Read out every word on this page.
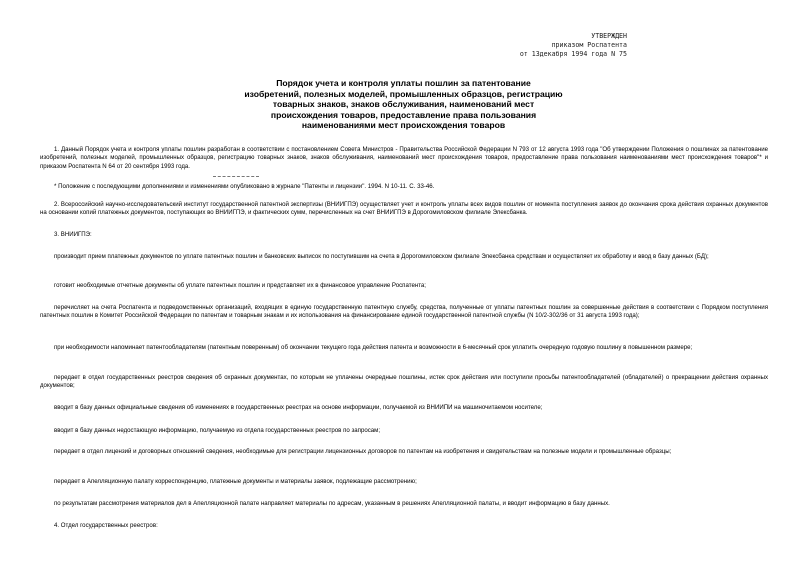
УТВЕРЖДЕН
приказом Роспатента
от 13декабря 1994 года N 75
Порядок учета и контроля уплаты пошлин за патентование
изобретений, полезных моделей, промышленных образцов, регистрацию
товарных знаков, знаков обслуживания, наименований мест
происхождения товаров, предоставление права пользования
наименованиями мест происхождения товаров
1. Данный Порядок учета и контроля уплаты пошлин разработан в соответствии с постановлением Совета Министров - Правительства Российской Федерации N 793 от 12 августа 1993 года "Об утверждении Положения о пошлинах за патентование изобретений, полезных моделей, промышленных образцов, регистрацию товарных знаков, знаков обслуживания, наименований мест происхождения товаров, предоставление права пользования наименованиями мест происхождения товаров"* и приказом Роспатента N 64 от 20 сентября 1993 года.
* Положение с последующими дополнениями и изменениями опубликовано в журнале "Патенты и лицензии". 1994. N 10-11. С. 33-46.
2. Всероссийский научно-исследовательский институт государственной патентной экспертизы (ВНИИГПЭ) осуществляет учет и контроль уплаты всех видов пошлин от момента поступления заявок до окончания срока действия охранных документов на основании копий платежных документов, поступающих во ВНИИГПЭ, и фактических сумм, перечисленных на счет ВНИИГПЭ в Дорогомиловском филиале Элексбанка.
3. ВНИИГПЭ:
производит прием платежных документов по уплате патентных пошлин и банковских выписок по поступившим на счета в Дорогомиловском филиале Элексбанка средствам и осуществляет их обработку и ввод в базу данных (БД);
готовит необходимые отчетные документы об уплате патентных пошлин и представляет их в финансовое управление Роспатента;
перечисляет на счета Роспатента и подведомственных организаций, входящих в единую государственную патентную службу, средства, полученные от уплаты патентных пошлин за совершенные действия в соответствии с Порядком поступления патентных пошлин в Комитет Российской Федерации по патентам и товарным знакам и их использования на финансирование единой государственной патентной службы (N 10/2-302/36 от 31 августа 1993 года);
при необходимости напоминает патентообладателям (патентным поверенным) об окончании текущего года действия патента и возможности в 6-месячный срок уплатить очередную годовую пошлину в повышенном размере;
передает в отдел государственных реестров сведения об охранных документах, по которым не уплачены очередные пошлины, истек срок действия или поступили просьбы патентообладателей (обладателей) о прекращении действия охранных документов;
вводит в базу данных официальные сведения об изменениях в государственных реестрах на основе информации, получаемой из ВНИИПИ на машиночитаемом носителе;
вводит в базу данных недостающую информацию, получаемую из отдела государственных реестров по запросам;
передает в отдел лицензий и договорных отношений сведения, необходимые для регистрации лицензионных договоров по патентам на изобретения и свидетельствам на полезные модели и промышленные образцы;
передает в Апелляционную палату корреспонденцию, платежные документы и материалы заявок, подлежащие рассмотрению;
по результатам рассмотрения материалов дел в Апелляционной палате направляет материалы по адресам, указанным в решениях Апелляционной палаты, и вводит информацию в базу данных.
4. Отдел государственных реестров:
